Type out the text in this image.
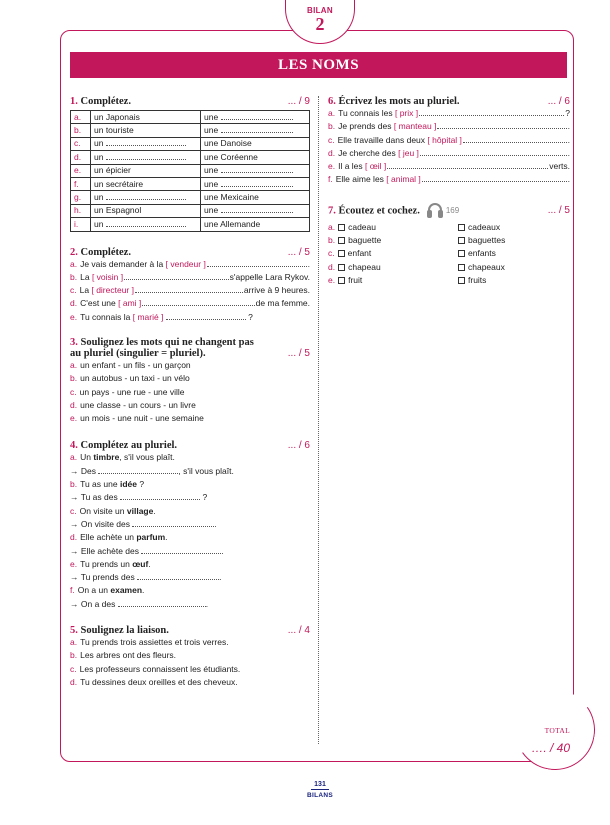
BILAN
2
LES NOMS
1. Complétez.	... / 9
a.	un Japonais	une
b.	un touriste	une
c.	un	une Danoise
d.	un	une Coréenne
e.	un épicier	une
f.	un secrétaire	une
g.	un	une Mexicaine
h.	un Espagnol	une
i.	un	une Allemande
2. Complétez.	... / 5
a. Je vais demander à la
[ vendeur ]	.
b. La
[ voisin ]	s'appelle Lara Rykov.
c. La
[ directeur ]	arrive à 9 heures.
d. C'est une
[ ami ]	de ma femme.
e. Tu connais la [ marié ]	?
3. Soulignez les mots qui ne changent pas
au pluriel (singulier = pluriel).	... / 5
a. un enfant - un fils - un garçon
b. un autobus - un taxi - un vélo
c. un pays - une rue - une ville
d. une classe - un cours - un livre
e. un mois - une nuit - une semaine
4. Complétez au pluriel.	... / 6
a. Un timbre, s'il vous plaît.
→ Des	, s'il vous plaît.
b. Tu as une idée ?
→ Tu as des	?
c. On visite un village.
→ On visite des	.
d. Elle achète un parfum.
→ Elle achète des	.
e. Tu prends un œuf.
→ Tu prends des	.
f. On a un examen.
→ On a des	.
5. Soulignez la liaison.	... / 4
a. Tu prends trois assiettes et trois verres.
b. Les arbres ont des fleurs.
c. Les professeurs connaissent les étudiants.
d. Tu dessines deux oreilles et des cheveux.
6. Écrivez les mots au pluriel.	... / 6
a. Tu connais les
[ prix ]	?
b. Je prends des
[ manteau ]	.
c. Elle travaille dans deux
[ hôpital ]	.
d. Je cherche des
[ jeu ]	.
e. Il a les
[ œil ]	verts.
f. Elle aime les
[ animal ]	.
7. Écoutez et cochez.	169	... / 5
a. cadeau	cadeaux
b. baguette	baguettes
c. enfant	enfants
d. chapeau	chapeaux
e. fruit	fruits
TOTAL
…. / 40
131
BILANS
